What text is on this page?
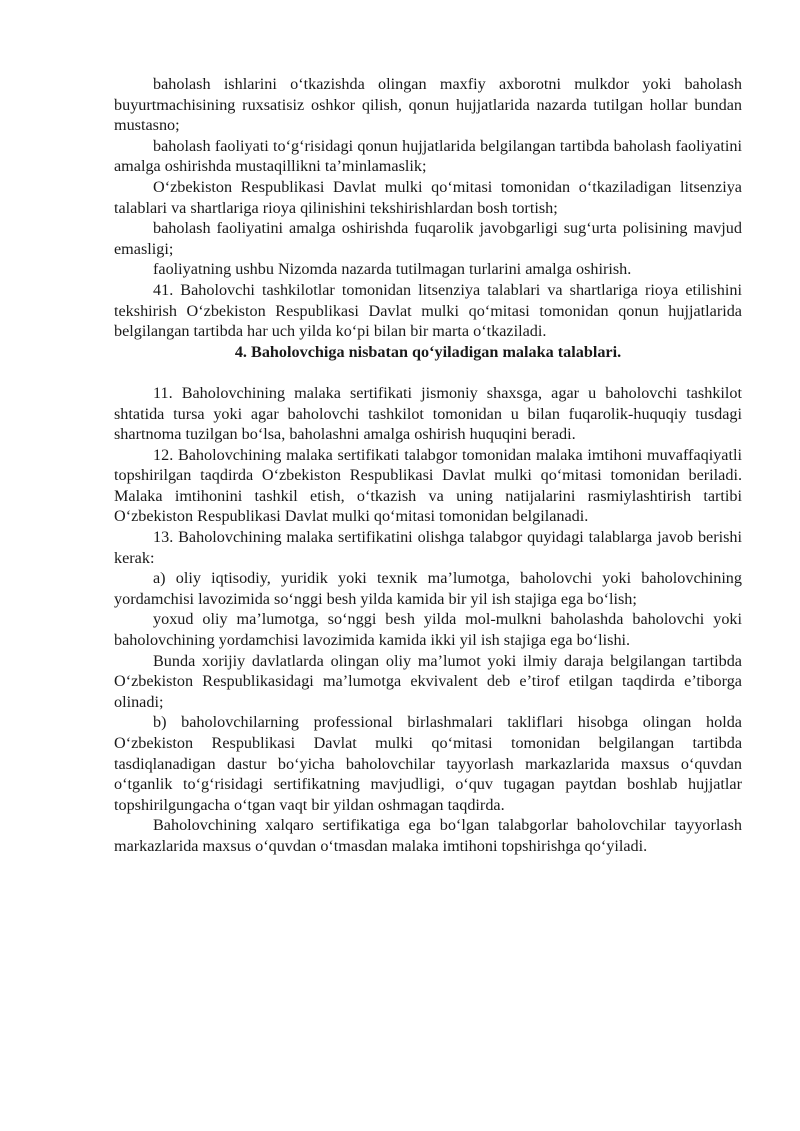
baholash ishlarini o‘tkazishda olingan maxfiy axborotni mulkdor yoki baholash buyurtmachisining ruxsatisiz oshkor qilish, qonun hujjatlarida nazarda tutilgan hollar bundan mustasno;

baholash faoliyati to‘g‘risidagi qonun hujjatlarida belgilangan tartibda baholash faoliyatini amalga oshirishda mustaqillikni ta’minlamaslik;

O‘zbekiston Respublikasi Davlat mulki qo‘mitasi tomonidan o‘tkaziladigan litsenziya talablari va shartlariga rioya qilinishini tekshirishlardan bosh tortish;

baholash faoliyatini amalga oshirishda fuqarolik javobgarligi sug‘urta polisining mavjud emasligi;

faoliyatning ushbu Nizomda nazarda tutilmagan turlarini amalga oshirish.

41. Baholovchi tashkilotlar tomonidan litsenziya talablari va shartlariga rioya etilishini tekshirish O‘zbekiston Respublikasi Davlat mulki qo‘mitasi tomonidan qonun hujjatlarida belgilangan tartibda har uch yilda ko‘pi bilan bir marta o‘tkaziladi.

4. Baholovchiga nisbatan qo‘yiladigan malaka talablari.

11. Baholovchining malaka sertifikati jismoniy shaxsga, agar u baholovchi tashkilot shtatida tursa yoki agar baholovchi tashkilot tomonidan u bilan fuqarolik-huquqiy tusdagi shartnoma tuzilgan bo‘lsa, baholashni amalga oshirish huquqini beradi.

12. Baholovchining malaka sertifikati talabgor tomonidan malaka imtihoni muvaffaqiyatli topshirilgan taqdirda O‘zbekiston Respublikasi Davlat mulki qo‘mitasi tomonidan beriladi. Malaka imtihonini tashkil etish, o‘tkazish va uning natijalarini rasmiylashtirish tartibi O‘zbekiston Respublikasi Davlat mulki qo‘mitasi tomonidan belgilanadi.

13. Baholovchining malaka sertifikatini olishga talabgor quyidagi talablarga javob berishi kerak:

a) oliy iqtisodiy, yuridik yoki texnik ma’lumotga, baholovchi yoki baholovchining yordamchisi lavozimida so‘nggi besh yilda kamida bir yil ish stajiga ega bo‘lish;

yoxud oliy ma’lumotga, so‘nggi besh yilda mol-mulkni baholashda baholovchi yoki baholovchining yordamchisi lavozimida kamida ikki yil ish stajiga ega bo‘lishi.

Bunda xorijiy davlatlarda olingan oliy ma’lumot yoki ilmiy daraja belgilangan tartibda O‘zbekiston Respublikasidagi ma’lumotga ekvivalent deb e’tirof etilgan taqdirda e’tiborga olinadi;

b) baholovchilarning professional birlashmalari takliflari hisobga olingan holda O‘zbekiston Respublikasi Davlat mulki qo‘mitasi tomonidan belgilangan tartibda tasdiqlanadigan dastur bo‘yicha baholovchilar tayyorlash markazlarida maxsus o‘quvdan o‘tganlik to‘g‘risidagi sertifikatning mavjudligi, o‘quv tugagan paytdan boshlab hujjatlar topshirilgungacha o‘tgan vaqt bir yildan oshmagan taqdirda.

Baholovchining xalqaro sertifikatiga ega bo‘lgan talabgorlar baholovchilar tayyorlash markazlarida maxsus o‘quvdan o‘tmasdan malaka imtihoni topshirishga qo‘yiladi.
